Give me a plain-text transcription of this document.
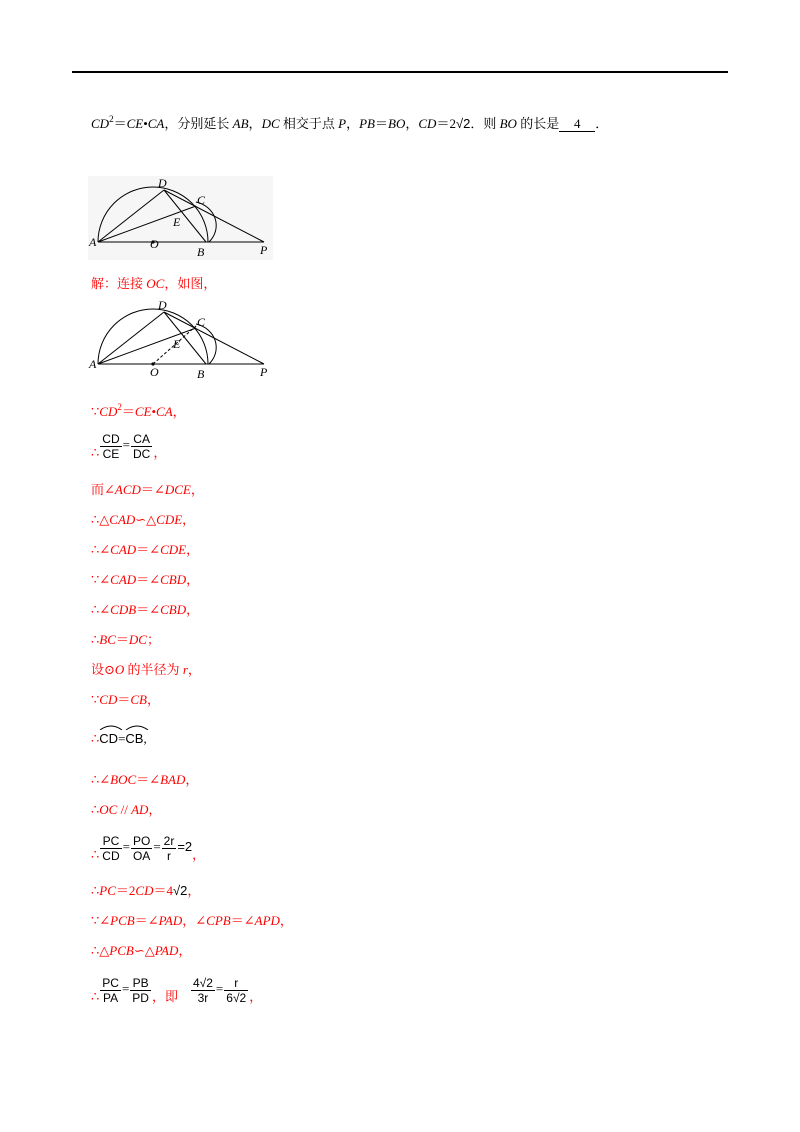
$CD^2=CE•CA$，分别延长 AB，DC 相交于点 P，PB＝BO，CD＝2√2．则 BO 的长是 4 ．
A	O
B	P
C
D
E
解：连接 OC，如图，
A
O	B	P
C
D
E
$\because CD^2=CE•CA$，
∴ $\frac{CD}{CE} = \frac{CA}{DC}$ ，
而∠ACD＝∠DCE，
∴△CAD∽△CDE，
∴∠CAD＝∠CDE，
∵∠CAD＝∠CBD，
∴∠CDB＝∠CBD，
∴BC＝DC；
设⊙O 的半径为 r，
∵CD＝CB，
∴
CD=
CB,
∴∠BOC＝∠BAD，
∴OC // AD，
∴ $\frac{PC}{CD} = \frac{PO}{OA} = \frac{2r}{r} =2$，
∴PC＝2CD＝4√2，
∵∠PCB＝∠PAD，∠CPB＝∠APD，
∴△PCB∽△PAD，
∴ $\frac{PC}{PA} = \frac{PB}{PD}$ ，即 $\frac{4√2}{3r} = \frac{r}{6√2}$ ，
